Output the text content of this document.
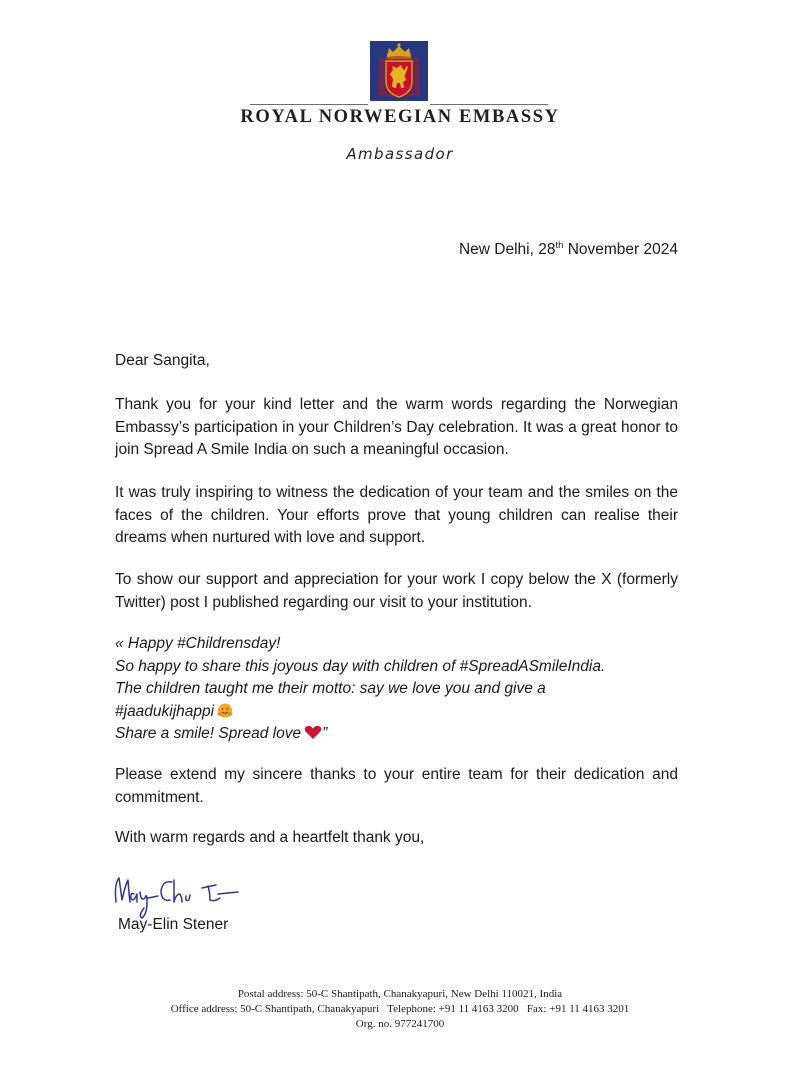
ROYAL NORWEGIAN EMBASSY
Ambassador
New Delhi, 28th November 2024
Dear Sangita,
Thank you for your kind letter and the warm words regarding the Norwegian Embassy’s participation in your Children’s Day celebration. It was a great honor to join Spread A Smile India on such a meaningful occasion.
It was truly inspiring to witness the dedication of your team and the smiles on the faces of the children. Your efforts prove that young children can realise their dreams when nurtured with love and support.
To show our support and appreciation for your work I copy below the X (formerly Twitter) post I published regarding our visit to your institution.
« Happy #Childrensday!
So happy to share this joyous day with children of #SpreadASmileIndia.
The children taught me their motto: say we love you and give a
#jaadukijhappi
Share a smile! Spread love ”
Please extend my sincere thanks to your entire team for their dedication and commitment.
With warm regards and a heartfelt thank you,
May-Elin Stener
Postal address: 50-C Shantipath, Chanakyapuri, New Delhi 110021, India
Office address: 50-C Shantipath, Chanakyapuri   Telephone: +91 11 4163 3200   Fax: +91 11 4163 3201
Org. no. 977241700
